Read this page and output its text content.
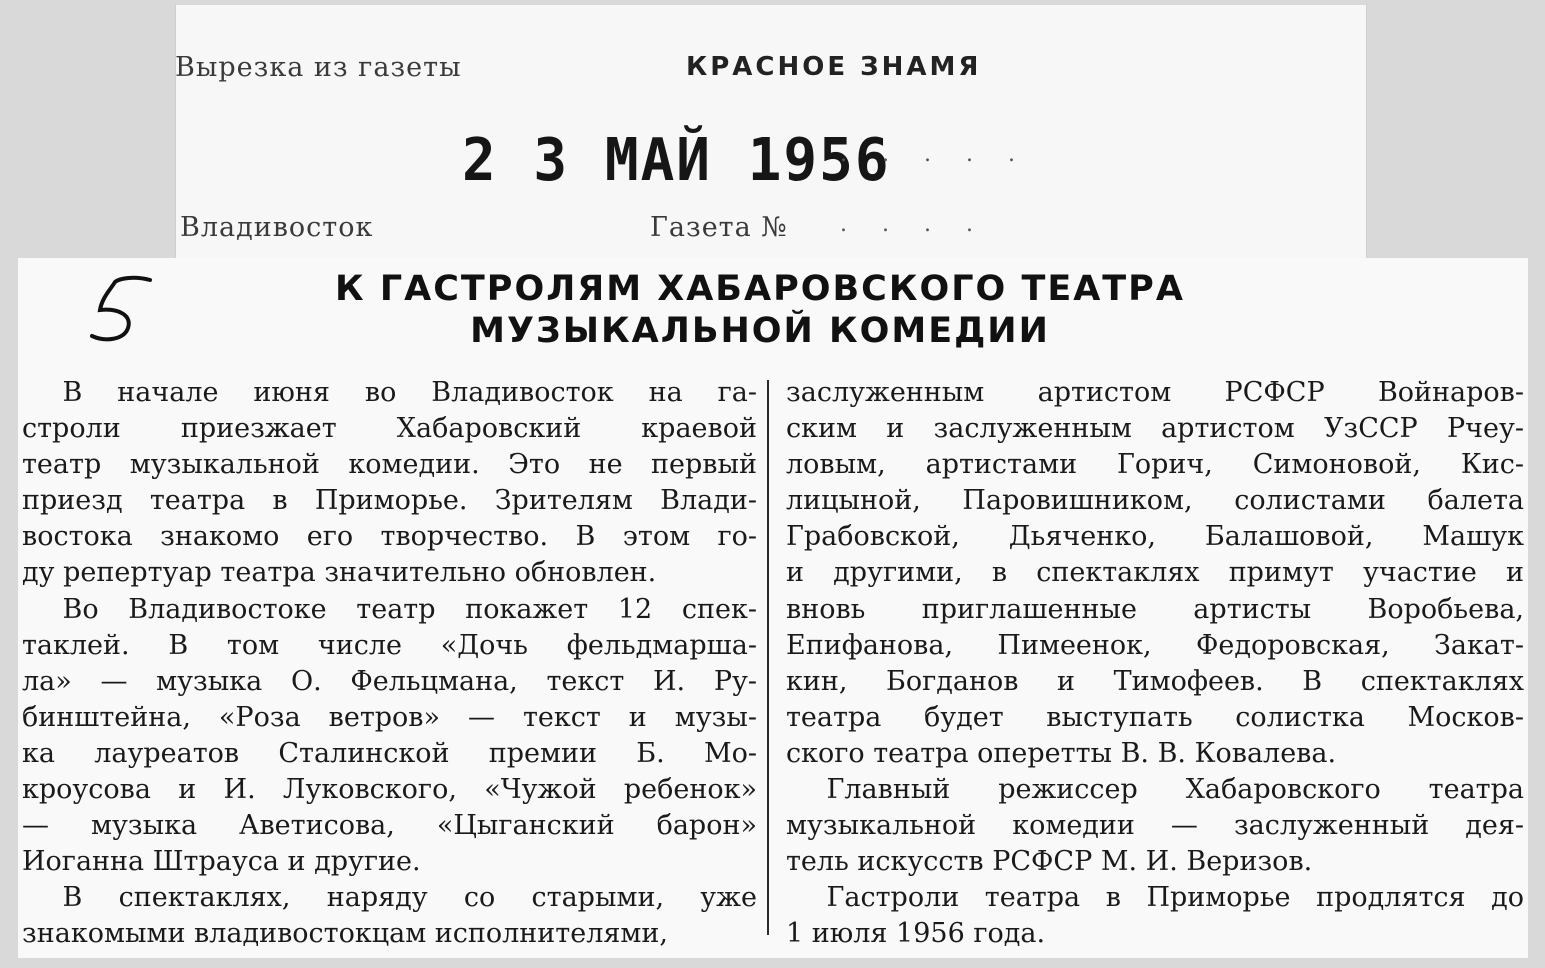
Вырезка из газеты	КРАСНОЕ ЗНАМЯ
2 3 МАЙ 1956
. . . . .
Владивосток	Газета № . . . .
К ГАСТРОЛЯМ ХАБАРОВСКОГО ТЕАТРА
МУЗЫКАЛЬНОЙ КОМЕДИИ
  В начале июня во Владивосток на га-
строли приезжает Хабаровский краевой
театр музыкальной комедии. Это не первый
приезд театра в Приморье. Зрителям Влади-
востока знакомо его творчество. В этом го-
ду репертуар театра значительно обновлен.
  Во Владивостоке театр покажет 12 спек-
таклей. В том числе «Дочь фельдмаршa-
ла» — музыка О. Фельцмана, текст И. Ру-
бинштейна, «Роза ветров» — текст и музы-
ка лауреатов Сталинской премии Б. Мо-
кроусова и И. Луковского, «Чужой ребенок»
— музыка Аветисова, «Цыганский барон»
Иоганна Штрауса и другие.
  В спектаклях, наряду со старыми, уже
знакомыми владивостокцам исполнителями,
заслуженным артистом РСФСР Войнаров-
ским и заслуженным артистом УзССР Рчеу-
ловым, артистами Горич, Симоновой, Кис-
лицыной, Паровишником, солистами балета
Грабовской, Дьяченко, Балашовой, Машук
и другими, в спектаклях примут участие и
вновь приглашенные артисты Воробьева,
Епифанова, Пимеенок, Федоровская, Закат-
кин, Богданов и Тимофеев. В спектаклях
театра будет выступать солистка Москов-
ского театра оперетты В. В. Ковалева.
  Главный режиссер Хабаровского театра
музыкальной комедии — заслуженный дея-
тель искусств РСФСР М. И. Веризов.
  Гастроли театра в Приморье продлятся до
1 июля 1956 года.
